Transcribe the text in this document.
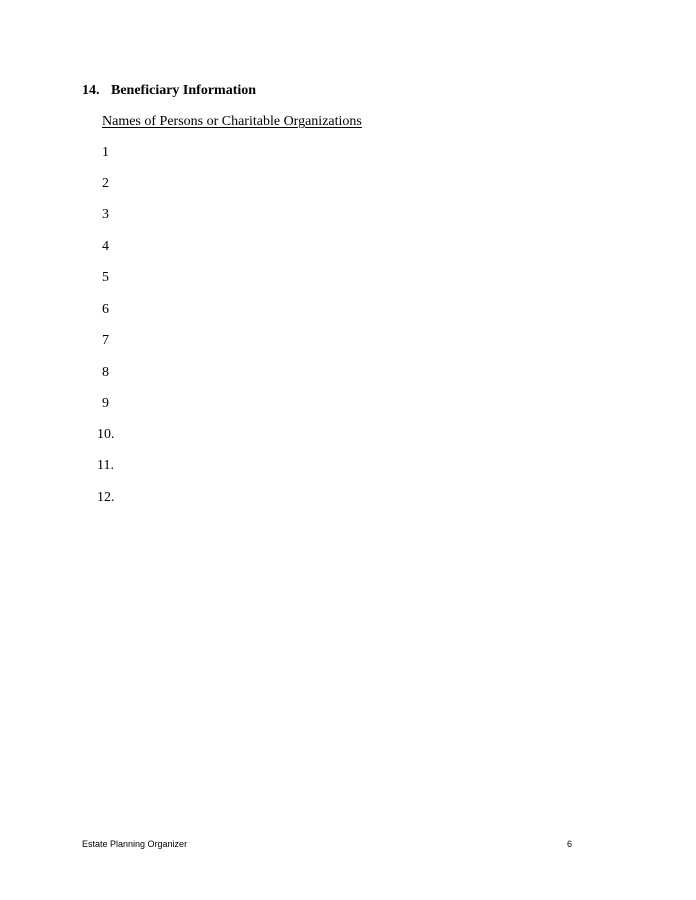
14. Beneficiary Information
Names of Persons or Charitable Organizations
1
2
3
4
5
6
7
8
9
10.
11.
12.
Estate Planning Organizer	6
